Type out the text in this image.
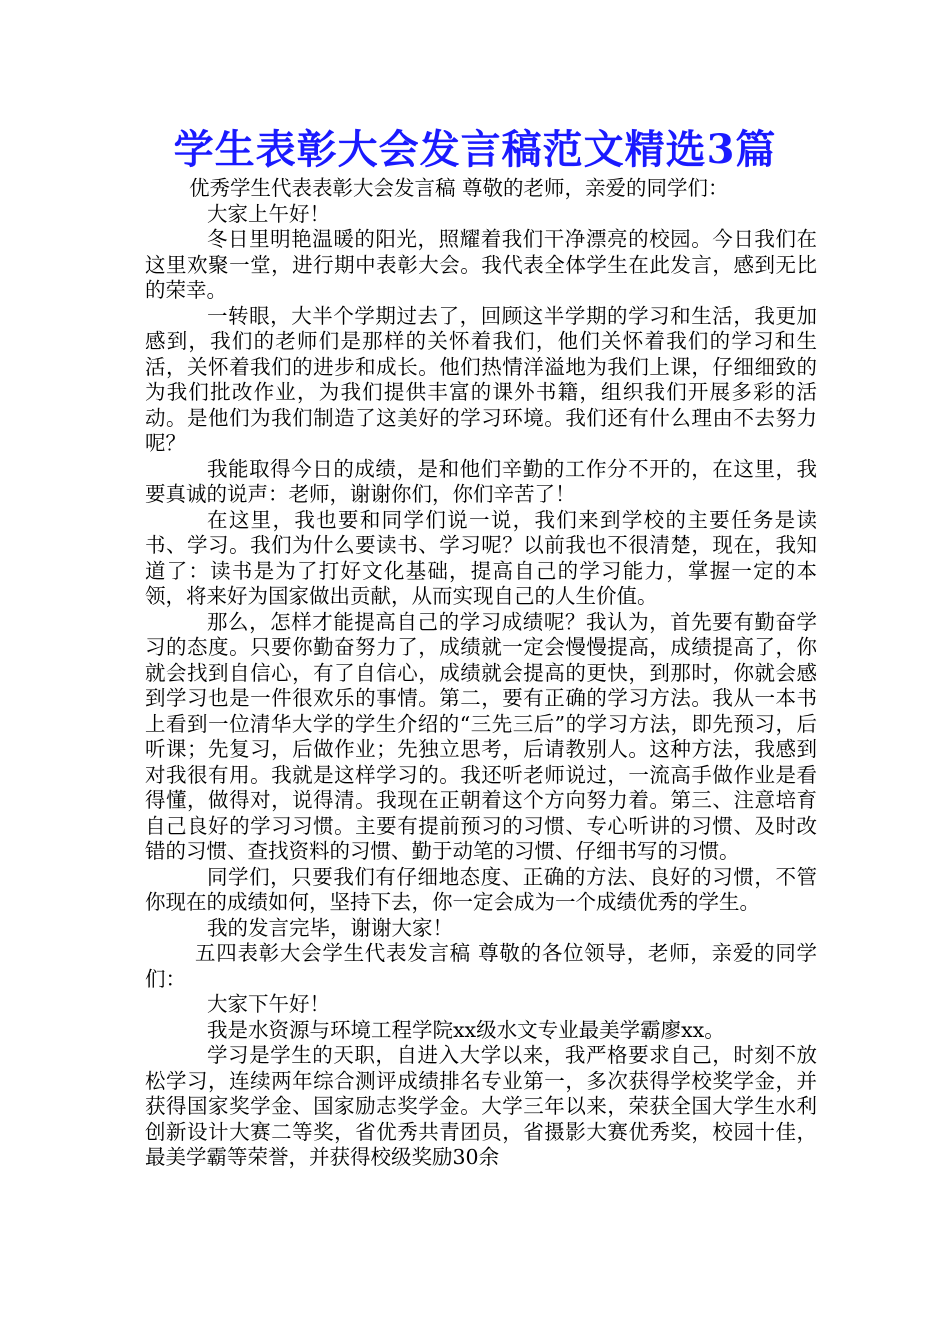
学生表彰大会发言稿范文精选3篇

优秀学生代表表彰大会发言稿 尊敬的老师，亲爱的同学们：

大家上午好！

冬日里明艳温暖的阳光，照耀着我们干净漂亮的校园。今日我们在这里欢聚一堂，进行期中表彰大会。我代表全体学生在此发言，感到无比的荣幸。

一转眼，大半个学期过去了，回顾这半学期的学习和生活，我更加感到，我们的老师们是那样的关怀着我们，他们关怀着我们的学习和生活，关怀着我们的进步和成长。他们热情洋溢地为我们上课，仔细细致的为我们批改作业，为我们提供丰富的课外书籍，组织我们开展多彩的活动。是他们为我们制造了这美好的学习环境。我们还有什么理由不去努力呢？

我能取得今日的成绩，是和他们辛勤的工作分不开的，在这里，我要真诚的说声：老师，谢谢你们，你们辛苦了！

在这里，我也要和同学们说一说，我们来到学校的主要任务是读书、学习。我们为什么要读书、学习呢？以前我也不很清楚，现在，我知道了：读书是为了打好文化基础，提高自己的学习能力，掌握一定的本领，将来好为国家做出贡献，从而实现自己的人生价值。

那么，怎样才能提高自己的学习成绩呢？我认为，首先要有勤奋学习的态度。只要你勤奋努力了，成绩就一定会慢慢提高，成绩提高了，你就会找到自信心，有了自信心，成绩就会提高的更快，到那时，你就会感到学习也是一件很欢乐的事情。第二，要有正确的学习方法。我从一本书上看到一位清华大学的学生介绍的“三先三后”的学习方法，即先预习，后听课；先复习，后做作业；先独立思考，后请教别人。这种方法，我感到对我很有用。我就是这样学习的。我还听老师说过，一流高手做作业是看得懂，做得对，说得清。我现在正朝着这个方向努力着。第三、注意培育自己良好的学习习惯。主要有提前预习的习惯、专心听讲的习惯、及时改错的习惯、查找资料的习惯、勤于动笔的习惯、仔细书写的习惯。

同学们，只要我们有仔细地态度、正确的方法、良好的习惯，不管你现在的成绩如何，坚持下去，你一定会成为一个成绩优秀的学生。

我的发言完毕，谢谢大家！

五四表彰大会学生代表发言稿 尊敬的各位领导，老师，亲爱的同学们：

大家下午好！

我是水资源与环境工程学院xx级水文专业最美学霸廖xx。

学习是学生的天职，自进入大学以来，我严格要求自己，时刻不放松学习，连续两年综合测评成绩排名专业第一，多次获得学校奖学金，并获得国家奖学金、国家励志奖学金。大学三年以来，荣获全国大学生水利创新设计大赛二等奖，省优秀共青团员，省摄影大赛优秀奖，校园十佳，最美学霸等荣誉，并获得校级奖励30余
